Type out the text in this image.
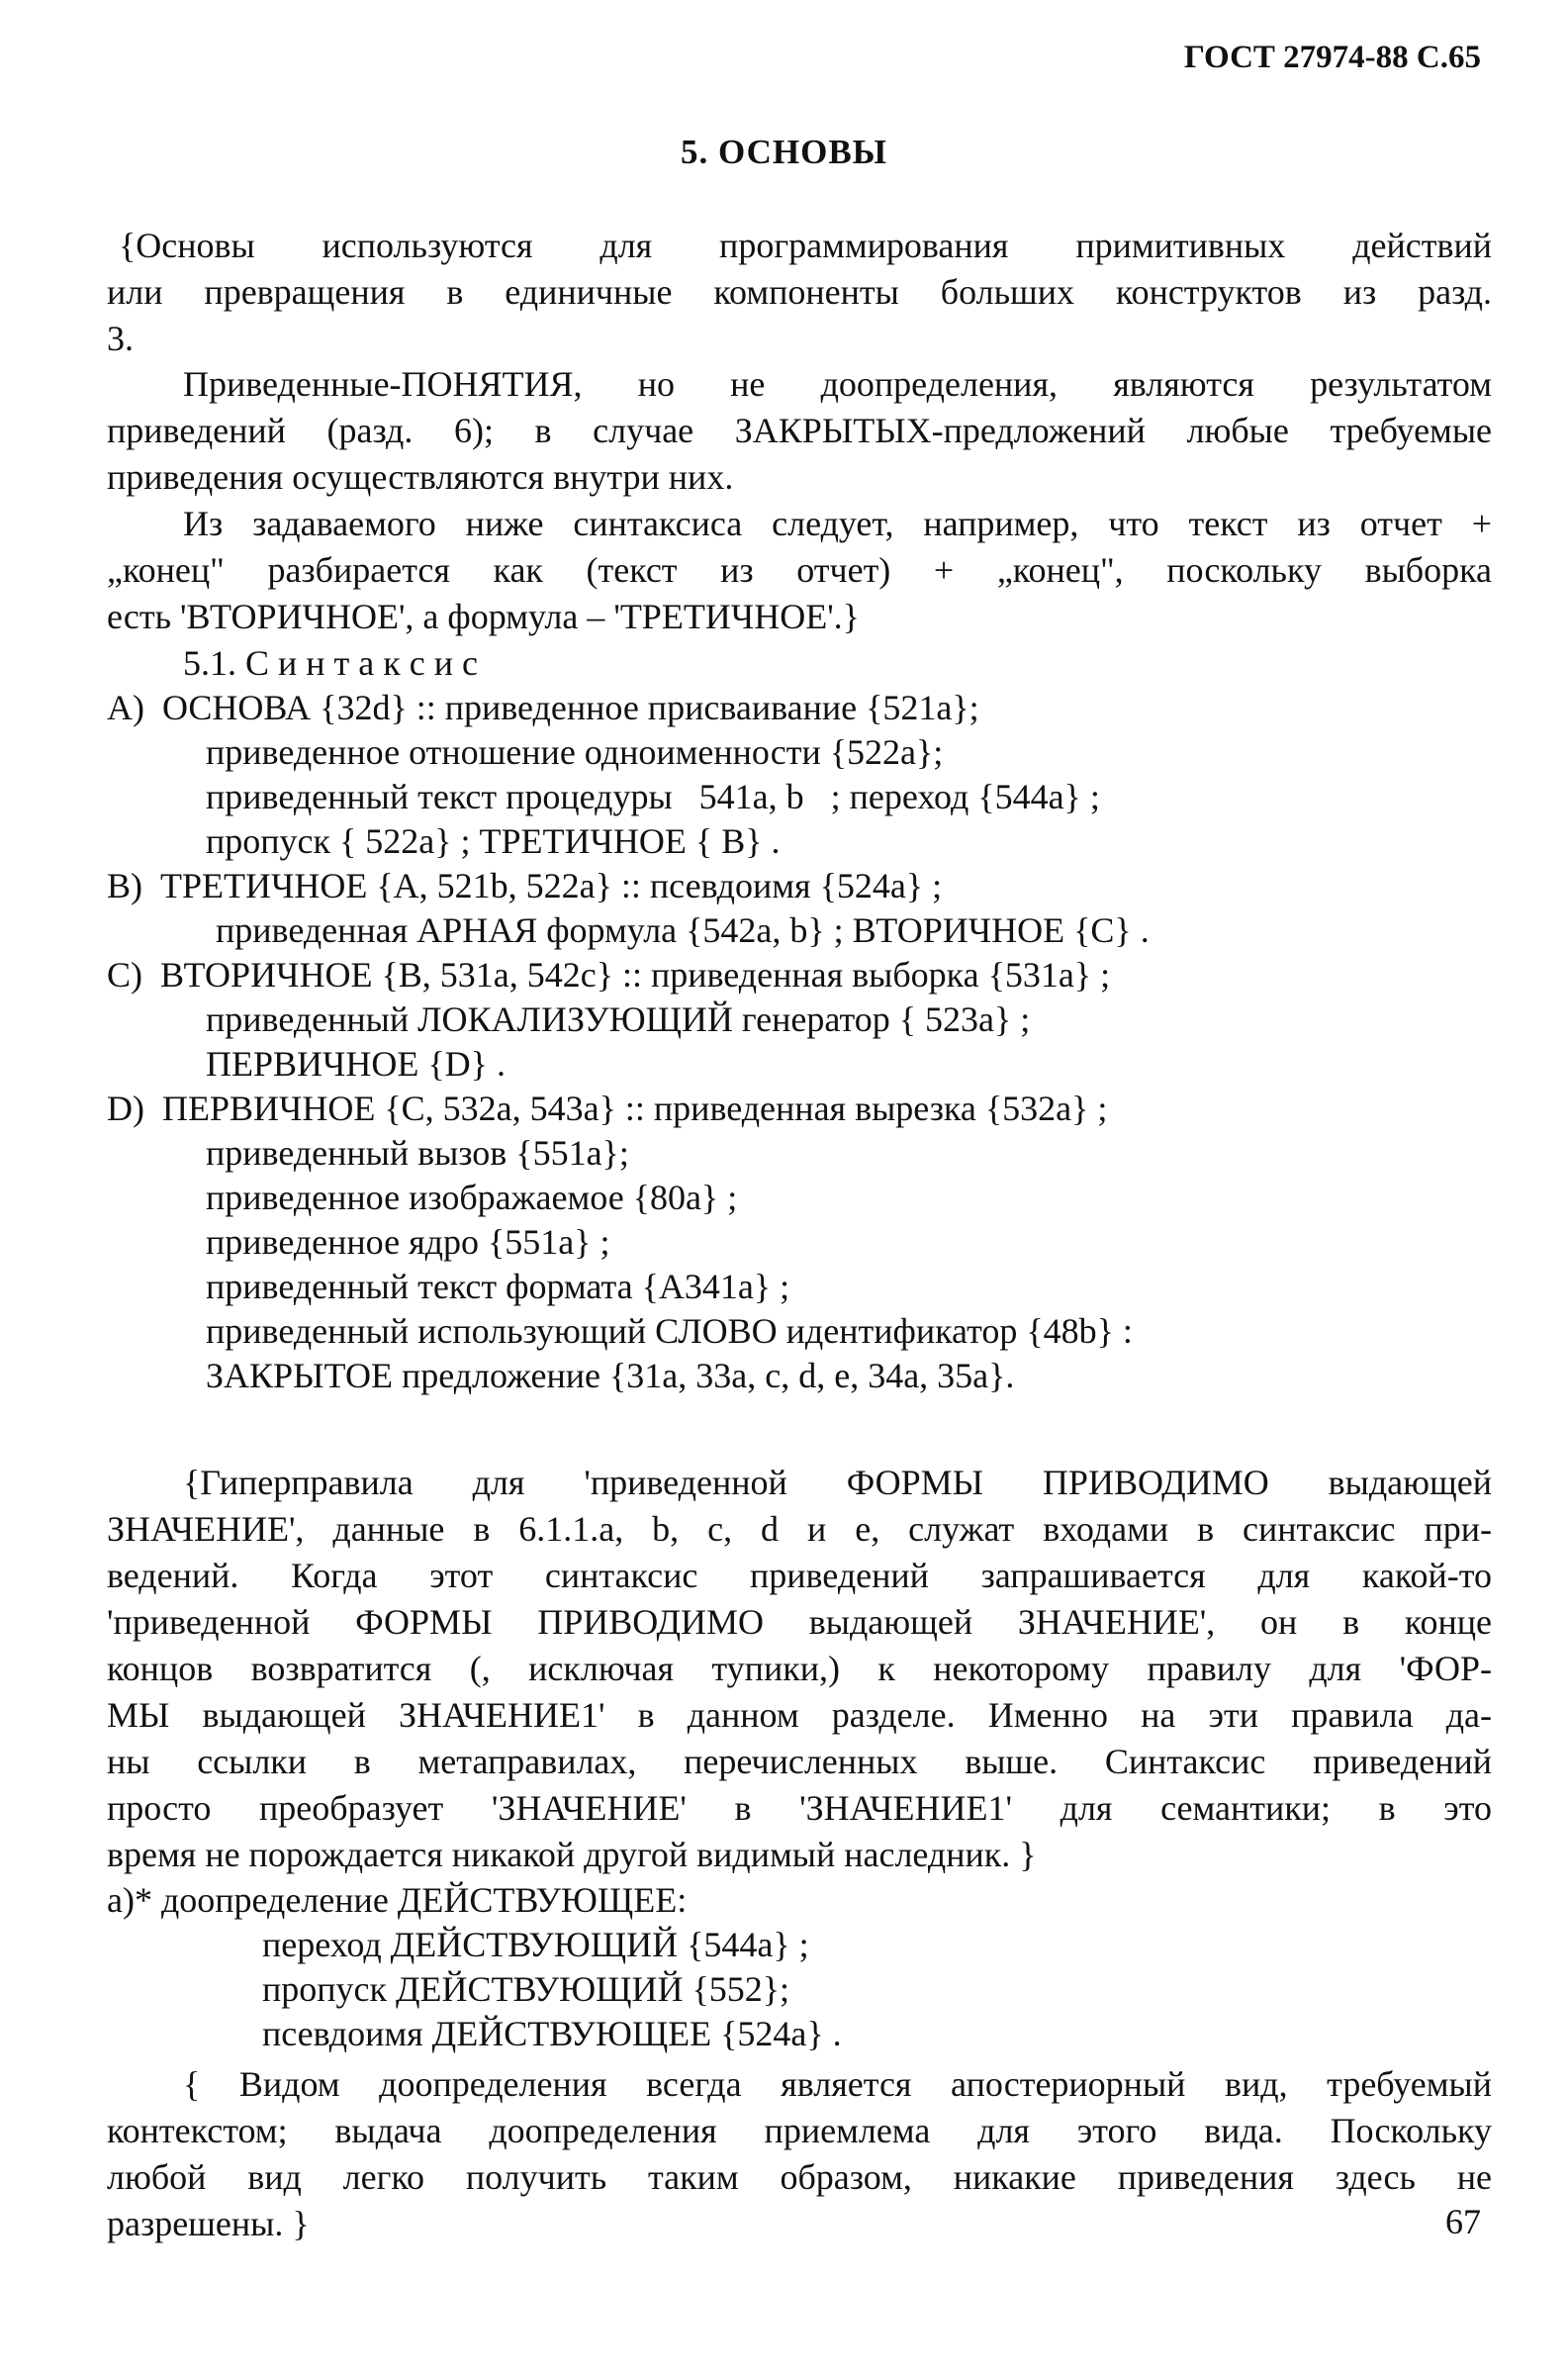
ГОСТ 27974-88 С.65
5. ОСНОВЫ
{Основы используются для программирования примитивных действий
или превращения в единичные компоненты больших конструктов из разд.
3.
Приведенные-ПОНЯТИЯ, но не доопределения, являются результатом
приведений (разд. 6); в случае ЗАКРЫТЫХ-предложений любые требуемые
приведения осуществляются внутри них.
Из задаваемого ниже синтаксиса следует, например, что текст из отчет +
„конец" разбирается как (текст из отчет) + „конец", поскольку выборка
есть 'ВТОРИЧНОЕ', а формула – 'ТРЕТИЧНОЕ'.}
5.1. С и н т а к с и с
А)  ОСНОВА {32d} :: приведенное присваивание {521a};
приведенное отношение одноименности {522a};
приведенный текст процедуры   541a, b   ; переход {544a} ;
пропуск { 522a} ; ТРЕТИЧНОЕ { B} .
В)  ТРЕТИЧНОЕ {A, 521b, 522a} :: псевдоимя {524a} ;
приведенная АРНАЯ формула {542a, b} ; ВТОРИЧНОЕ {C} .
С)  ВТОРИЧНОЕ {B, 531a, 542c} :: приведенная выборка {531a} ;
приведенный ЛОКАЛИЗУЮЩИЙ генератор { 523a} ;
ПЕРВИЧНОЕ {D} .
D)  ПЕРВИЧНОЕ {C, 532a, 543a} :: приведенная вырезка {532a} ;
приведенный вызов {551a};
приведенное изображаемое {80a} ;
приведенное ядро {551a} ;
приведенный текст формата {A341a} ;
приведенный использующий СЛОВО идентификатор {48b} :
ЗАКРЫТОЕ предложение {31a, 33a, c, d, e, 34a, 35a}.
{Гиперправила для 'приведенной ФОРМЫ ПРИВОДИМО выдающей
ЗНАЧЕНИЕ', данные в 6.1.1.a, b, c, d и e, служат входами в синтаксис при-
ведений. Когда этот синтаксис приведений запрашивается для какой-то
'приведенной ФОРМЫ ПРИВОДИМО выдающей ЗНАЧЕНИЕ', он в конце
концов возвратится (, исключая тупики,) к некоторому правилу для 'ФОР-
МЫ выдающей ЗНАЧЕНИЕ1' в данном разделе. Именно на эти правила да-
ны ссылки в метаправилах, перечисленных выше. Синтаксис приведений
просто преобразует 'ЗНАЧЕНИЕ' в 'ЗНАЧЕНИЕ1' для семантики; в это
время не порождается никакой другой видимый наследник. }
a)* доопределение ДЕЙСТВУЮЩЕЕ:
переход ДЕЙСТВУЮЩИЙ {544a} ;
пропуск ДЕЙСТВУЮЩИЙ {552};
псевдоимя ДЕЙСТВУЮЩЕЕ {524a} .
{ Видом доопределения всегда является апостериорный вид, требуемый
контекстом; выдача доопределения приемлема для этого вида. Поскольку
любой вид легко получить таким образом, никакие приведения здесь не
разрешены. }	67
